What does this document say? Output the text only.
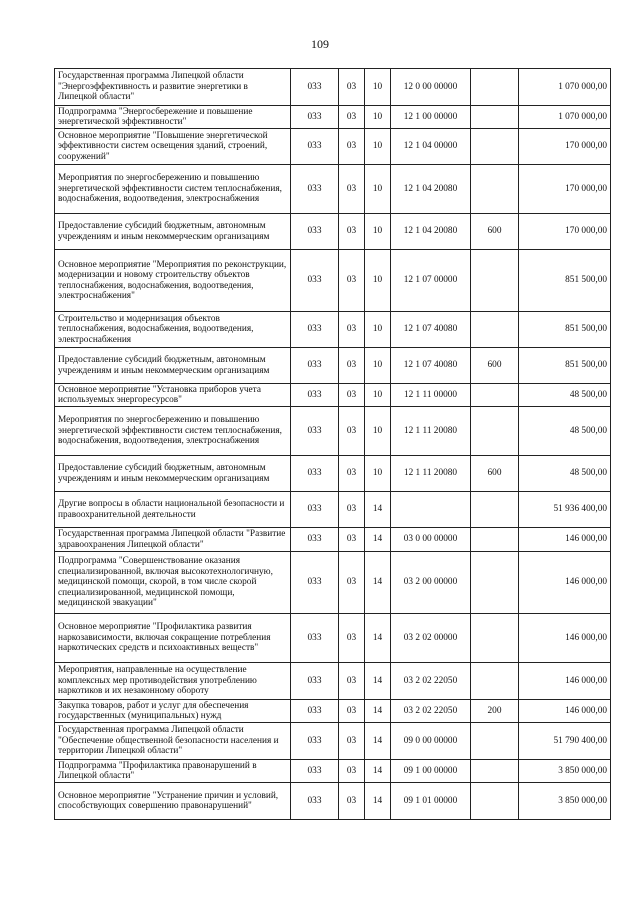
109
Государственная программа Липецкой области "Энергоэффективность и развитие энергетики в Липецкой области"	033	03	10	12 0 00 00000		1 070 000,00
Подпрограмма "Энергосбережение и повышение энергетической эффективности"	033	03	10	12 1 00 00000		1 070 000,00
Основное мероприятие "Повышение энергетической эффективности систем освещения зданий, строений, сооружений"	033	03	10	12 1 04 00000		170 000,00
Мероприятия по энергосбережению и повышению энергетической эффективности систем теплоснабжения, водоснабжения, водоотведения, электроснабжения	033	03	10	12 1 04 20080		170 000,00
Предоставление субсидий бюджетным, автономным учреждениям и иным некоммерческим организациям	033	03	10	12 1 04 20080	600	170 000,00
Основное мероприятие "Мероприятия по реконструкции, модернизации и новому строительству объектов теплоснабжения, водоснабжения, водоотведения, электроснабжения"	033	03	10	12 1 07 00000		851 500,00
Строительство и модернизация объектов теплоснабжения, водоснабжения, водоотведения, электроснабжения	033	03	10	12 1 07 40080		851 500,00
Предоставление субсидий бюджетным, автономным учреждениям и иным некоммерческим организациям	033	03	10	12 1 07 40080	600	851 500,00
Основное мероприятие "Установка приборов учета используемых энергоресурсов"	033	03	10	12 1 11 00000		48 500,00
Мероприятия по энергосбережению и повышению энергетической эффективности систем теплоснабжения, водоснабжения, водоотведения, электроснабжения	033	03	10	12 1 11 20080		48 500,00
Предоставление субсидий бюджетным, автономным учреждениям и иным некоммерческим организациям	033	03	10	12 1 11 20080	600	48 500,00
Другие вопросы в области национальной безопасности и правоохранительной деятельности	033	03	14			51 936 400,00
Государственная программа Липецкой области "Развитие здравоохранения Липецкой области"	033	03	14	03 0 00 00000		146 000,00
Подпрограмма "Совершенствование оказания специализированной, включая высокотехнологичную, медицинской помощи, скорой, в том числе скорой специализированной, медицинской помощи, медицинской эвакуации"	033	03	14	03 2 00 00000		146 000,00
Основное мероприятие "Профилактика развития наркозависимости, включая сокращение потребления наркотических средств и психоактивных веществ"	033	03	14	03 2 02 00000		146 000,00
Мероприятия, направленные на осуществление комплексных мер противодействия употреблению наркотиков и их незаконному обороту	033	03	14	03 2 02 22050		146 000,00
Закупка товаров, работ и услуг для обеспечения государственных (муниципальных) нужд	033	03	14	03 2 02 22050	200	146 000,00
Государственная программа Липецкой области "Обеспечение общественной безопасности населения и территории Липецкой области"	033	03	14	09 0 00 00000		51 790 400,00
Подпрограмма "Профилактика правонарушений в Липецкой области"	033	03	14	09 1 00 00000		3 850 000,00
Основное мероприятие "Устранение причин и условий, способствующих совершению правонарушений"	033	03	14	09 1 01 00000		3 850 000,00
